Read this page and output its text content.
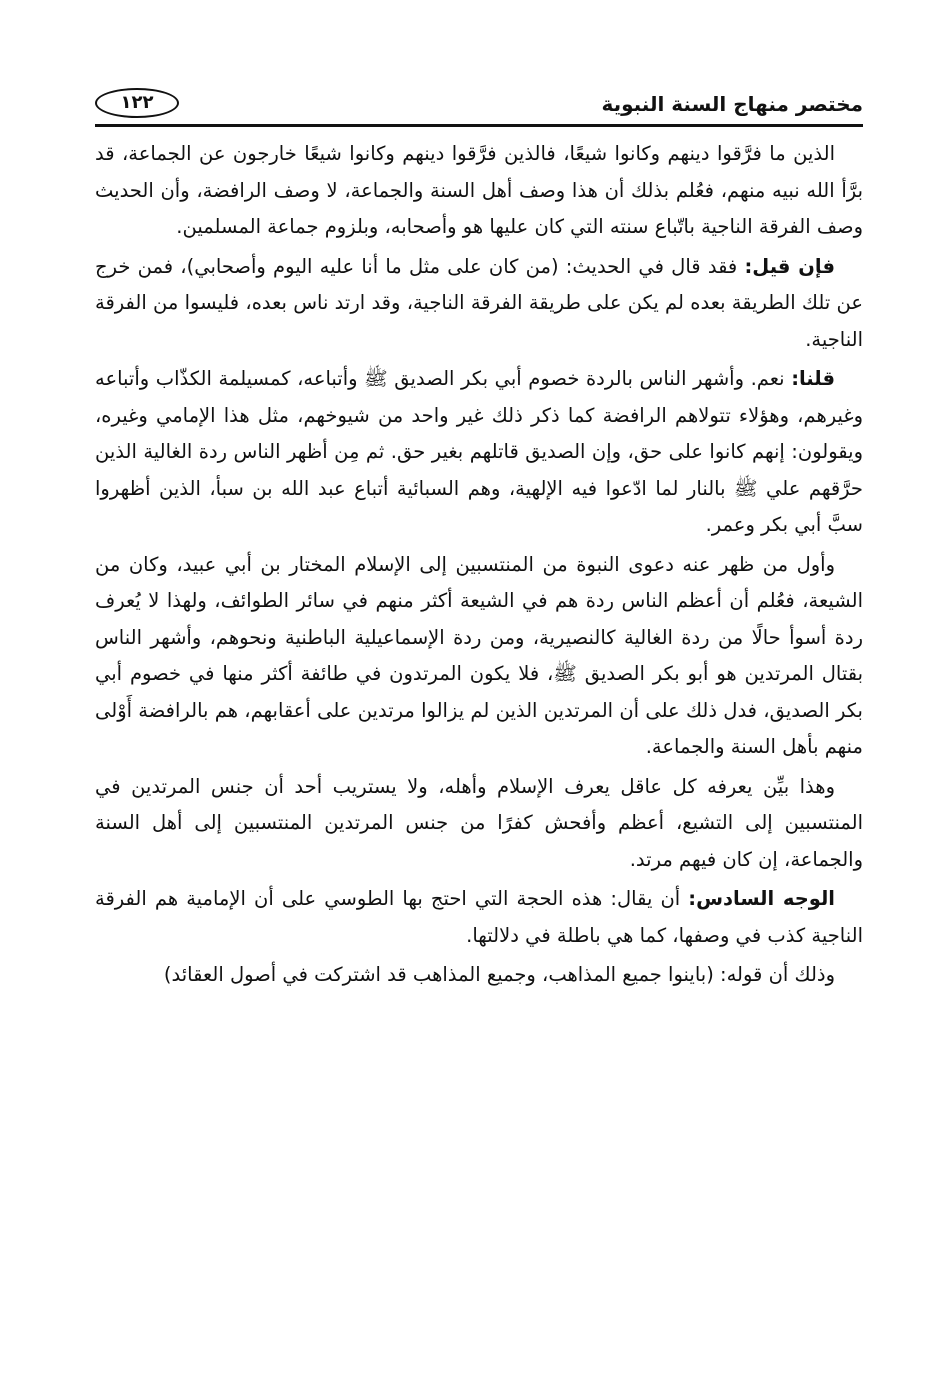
١٢٢	مختصر منهاج السنة النبوية

الذين ما فرَّقوا دينهم وكانوا شيعًا، فالذين فرَّقوا دينهم وكانوا شيعًا خارجون عن الجماعة، قد برَّأ الله نبيه منهم، فعُلم بذلك أن هذا وصف أهل السنة والجماعة، لا وصف الرافضة، وأن الحديث وصف الفرقة الناجية باتّباع سنته التي كان عليها هو وأصحابه، وبلزوم جماعة المسلمين.

فإن قيل: فقد قال في الحديث: (من كان على مثل ما أنا عليه اليوم وأصحابي)، فمن خرج عن تلك الطريقة بعده لم يكن على طريقة الفرقة الناجية، وقد ارتد ناس بعده، فليسوا من الفرقة الناجية.

قلنا: نعم. وأشهر الناس بالردة خصوم أبي بكر الصديق ﷺ وأتباعه، كمسيلمة الكذّاب وأتباعه وغيرهم، وهؤلاء تتولاهم الرافضة كما ذكر ذلك غير واحد من شيوخهم، مثل هذا الإمامي وغيره، ويقولون: إنهم كانوا على حق، وإن الصديق قاتلهم بغير حق. ثم مِن أظهر الناس ردة الغالية الذين حرَّقهم علي ﷺ بالنار لما ادّعوا فيه الإلهية، وهم السبائية أتباع عبد الله بن سبأ، الذين أظهروا سبَّ أبي بكر وعمر.

وأول من ظهر عنه دعوى النبوة من المنتسبين إلى الإسلام المختار بن أبي عبيد، وكان من الشيعة، فعُلم أن أعظم الناس ردة هم في الشيعة أكثر منهم في سائر الطوائف، ولهذا لا يُعرف ردة أسوأ حالًا من ردة الغالية كالنصيرية، ومن ردة الإسماعيلية الباطنية ونحوهم، وأشهر الناس بقتال المرتدين هو أبو بكر الصديق ﷺ، فلا يكون المرتدون في طائفة أكثر منها في خصوم أبي بكر الصديق، فدل ذلك على أن المرتدين الذين لم يزالوا مرتدين على أعقابهم، هم بالرافضة أَوْلى منهم بأهل السنة والجماعة.

وهذا بيِّن يعرفه كل عاقل يعرف الإسلام وأهله، ولا يستريب أحد أن جنس المرتدين في المنتسبين إلى التشيع، أعظم وأفحش كفرًا من جنس المرتدين المنتسبين إلى أهل السنة والجماعة، إن كان فيهم مرتد.

الوجه السادس: أن يقال: هذه الحجة التي احتج بها الطوسي على أن الإمامية هم الفرقة الناجية كذب في وصفها، كما هي باطلة في دلالتها.

وذلك أن قوله: (باينوا جميع المذاهب، وجميع المذاهب قد اشتركت في أصول العقائد)
